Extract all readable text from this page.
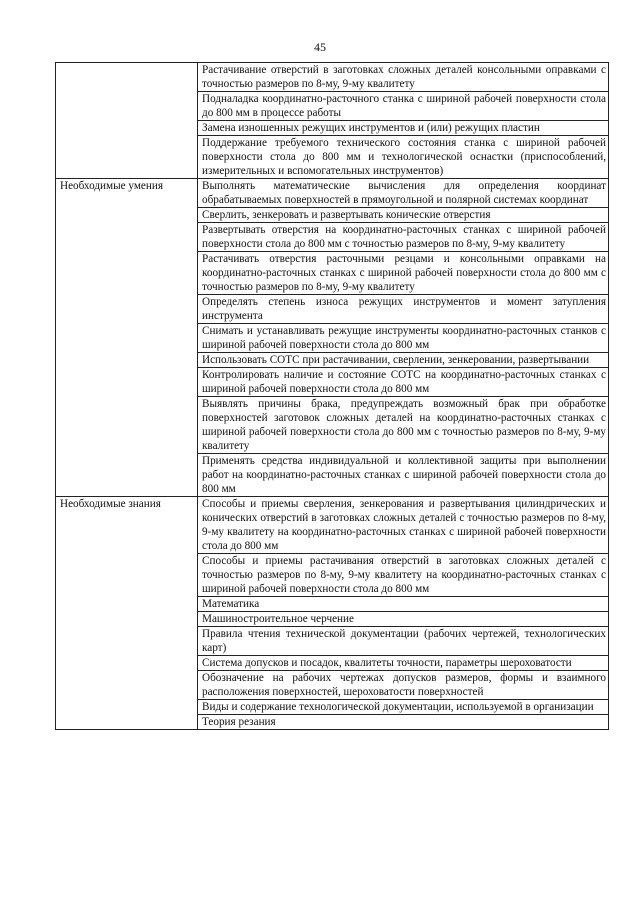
45
	Растачивание отверстий в заготовках сложных деталей консольными оправками с точностью размеров по 8-му, 9-му квалитету
	Подналадка координатно-расточного станка с шириной рабочей поверхности стола до 800 мм в процессе работы
	Замена изношенных режущих инструментов и (или) режущих пластин
	Поддержание требуемого технического состояния станка с шириной рабочей поверхности стола до 800 мм и технологической оснастки (приспособлений, измерительных и вспомогательных инструментов)
Необходимые умения	Выполнять математические вычисления для определения координат обрабатываемых поверхностей в прямоугольной и полярной системах координат
	Сверлить, зенкеровать и развертывать конические отверстия
	Развертывать отверстия на координатно-расточных станках с шириной рабочей поверхности стола до 800 мм с точностью размеров по 8-му, 9-му квалитету
	Растачивать отверстия расточными резцами и консольными оправками на координатно-расточных станках с шириной рабочей поверхности стола до 800 мм с точностью размеров по 8-му, 9-му квалитету
	Определять степень износа режущих инструментов и момент затупления инструмента
	Снимать и устанавливать режущие инструменты координатно-расточных станков с шириной рабочей поверхности стола до 800 мм
	Использовать СОТС при растачивании, сверлении, зенкеровании, развертывании
	Контролировать наличие и состояние СОТС на координатно-расточных станках с шириной рабочей поверхности стола до 800 мм
	Выявлять причины брака, предупреждать возможный брак при обработке поверхностей заготовок сложных деталей на координатно-расточных станках с шириной рабочей поверхности стола до 800 мм с точностью размеров по 8-му, 9-му квалитету
	Применять средства индивидуальной и коллективной защиты при выполнении работ на координатно-расточных станках с шириной рабочей поверхности стола до 800 мм
Необходимые знания	Способы и приемы сверления, зенкерования и развертывания цилиндрических и конических отверстий в заготовках сложных деталей с точностью размеров по 8-му, 9-му квалитету на координатно-расточных станках с шириной рабочей поверхности стола до 800 мм
	Способы и приемы растачивания отверстий в заготовках сложных деталей с точностью размеров по 8-му, 9-му квалитету на координатно-расточных станках с шириной рабочей поверхности стола до 800 мм
	Математика
	Машиностроительное черчение
	Правила чтения технической документации (рабочих чертежей, технологических карт)
	Система допусков и посадок, квалитеты точности, параметры шероховатости
	Обозначение на рабочих чертежах допусков размеров, формы и взаимного расположения поверхностей, шероховатости поверхностей
	Виды и содержание технологической документации, используемой в организации
	Теория резания
